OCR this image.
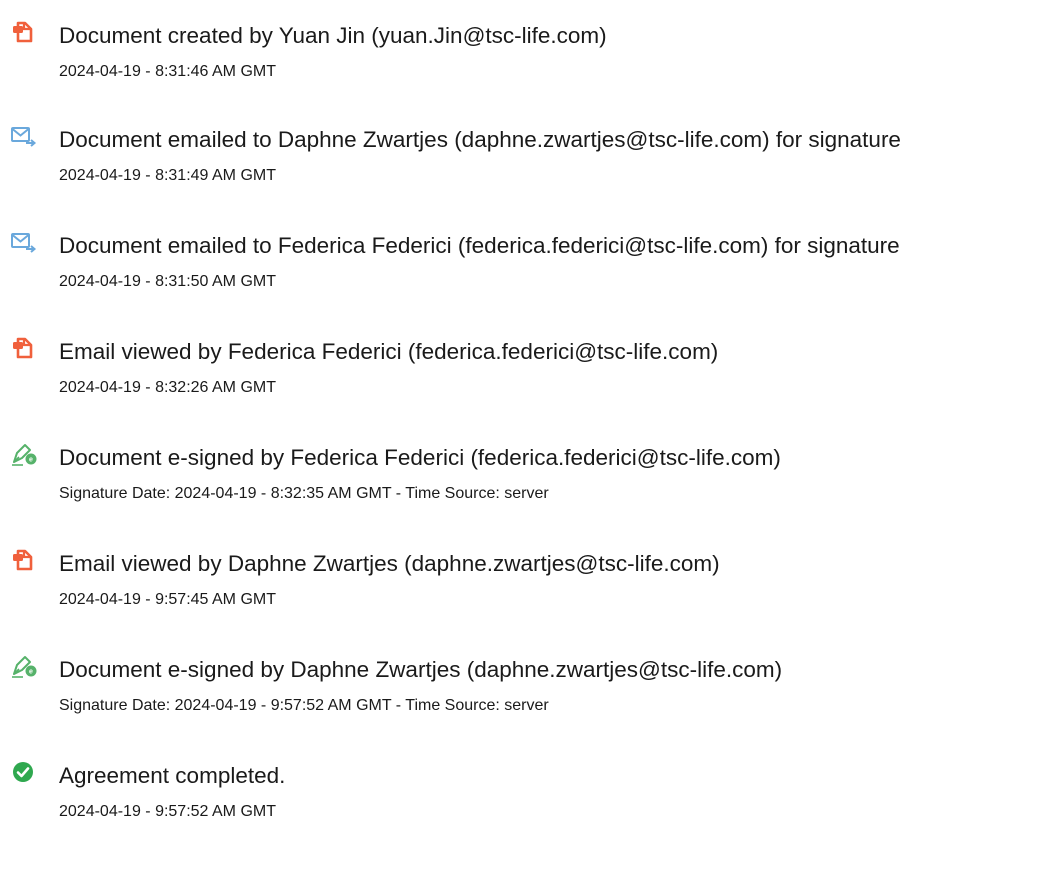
Document created by Yuan Jin (yuan.Jin@tsc-life.com)
2024-04-19 - 8:31:46 AM GMT
Document emailed to Daphne Zwartjes (daphne.zwartjes@tsc-life.com) for signature
2024-04-19 - 8:31:49 AM GMT
Document emailed to Federica Federici (federica.federici@tsc-life.com) for signature
2024-04-19 - 8:31:50 AM GMT
Email viewed by Federica Federici (federica.federici@tsc-life.com)
2024-04-19 - 8:32:26 AM GMT
e Document e-signed by Federica Federici (federica.federici@tsc-life.com)
Signature Date: 2024-04-19 - 8:32:35 AM GMT - Time Source: server
Email viewed by Daphne Zwartjes (daphne.zwartjes@tsc-life.com)
2024-04-19 - 9:57:45 AM GMT
e Document e-signed by Daphne Zwartjes (daphne.zwartjes@tsc-life.com)
Signature Date: 2024-04-19 - 9:57:52 AM GMT - Time Source: server
Agreement completed.
2024-04-19 - 9:57:52 AM GMT
